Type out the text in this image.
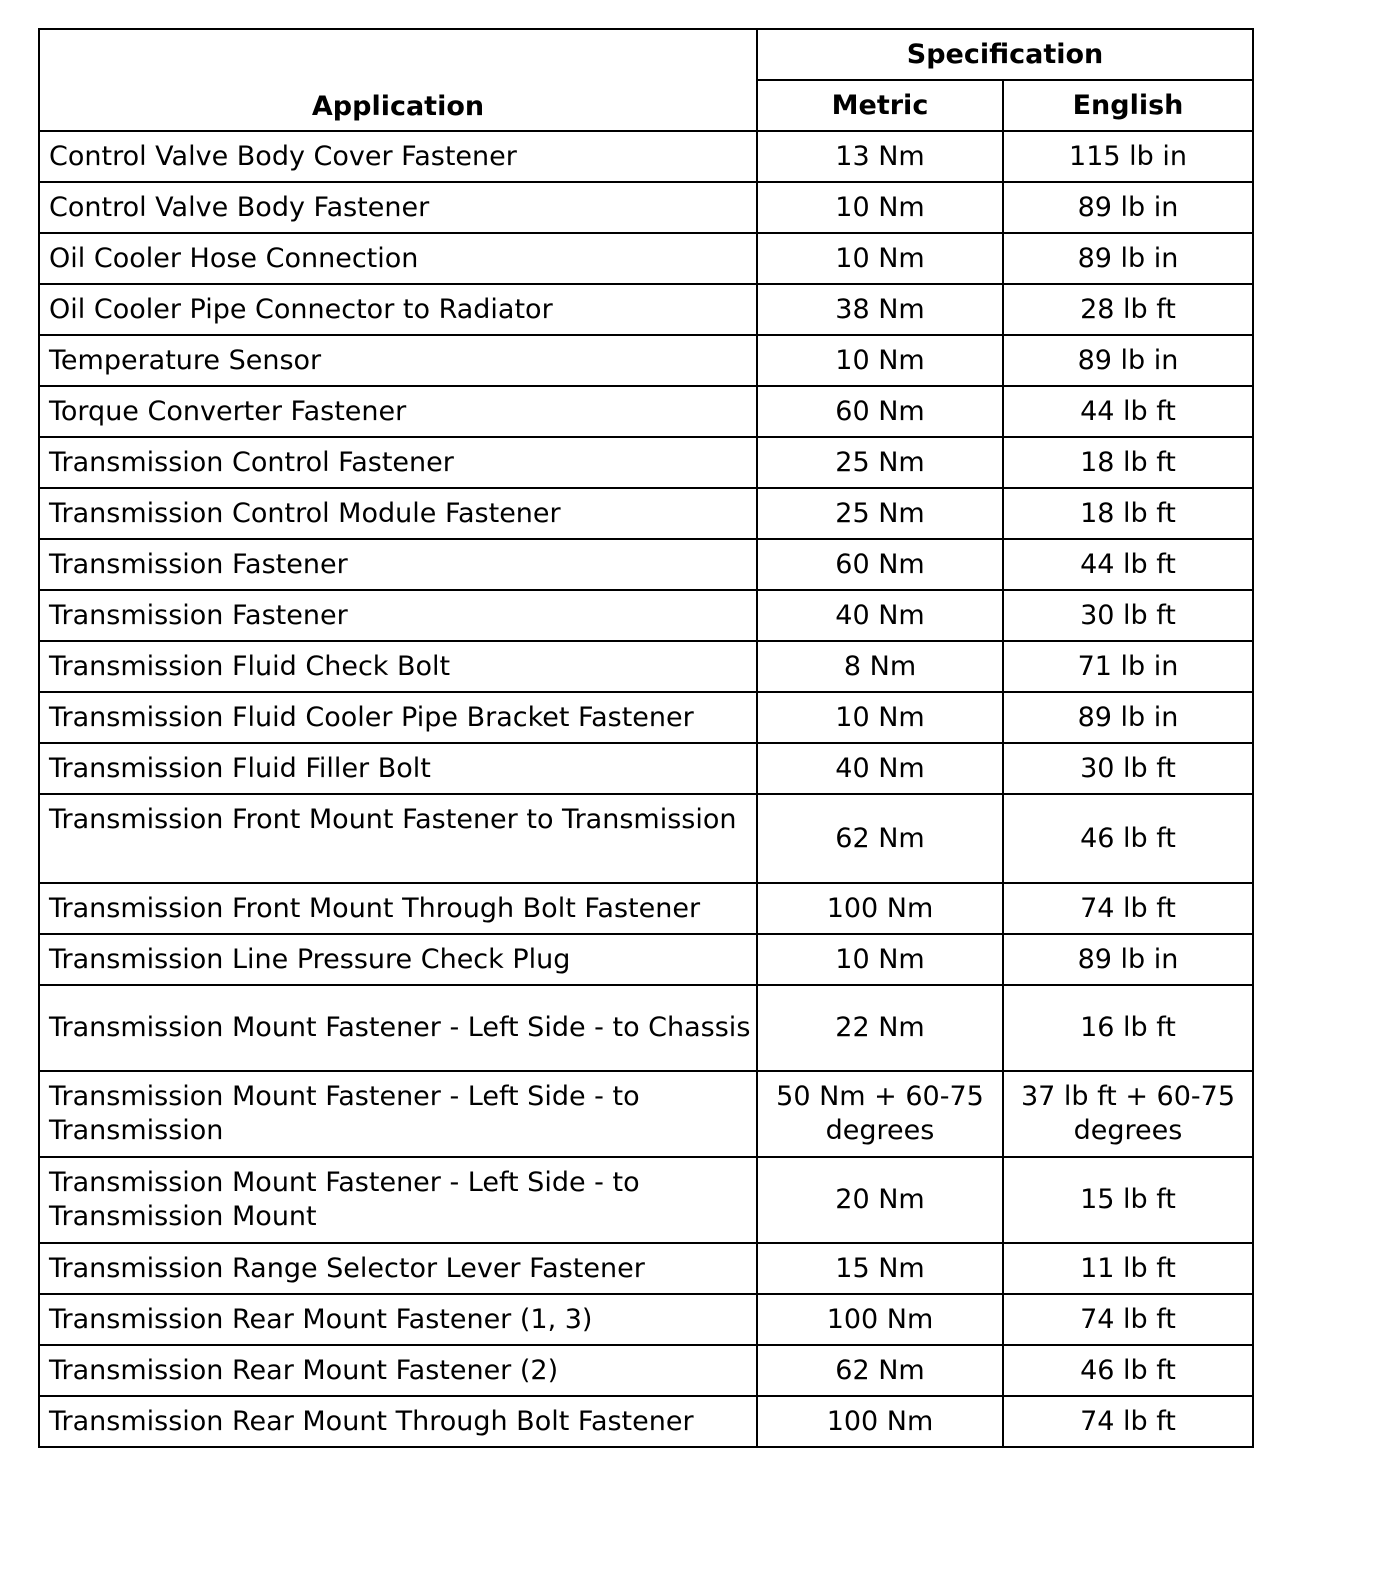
Application	Specification	
	Metric	English
Control Valve Body Cover Fastener	13 Nm	115 lb in
Control Valve Body Fastener	10 Nm	89 lb in
Oil Cooler Hose Connection	10 Nm	89 lb in
Oil Cooler Pipe Connector to Radiator	38 Nm	28 lb ft
Temperature Sensor	10 Nm	89 lb in
Torque Converter Fastener	60 Nm	44 lb ft
Transmission Control Fastener	25 Nm	18 lb ft
Transmission Control Module Fastener	25 Nm	18 lb ft
Transmission Fastener	60 Nm	44 lb ft
Transmission Fastener	40 Nm	30 lb ft
Transmission Fluid Check Bolt	8 Nm	71 lb in
Transmission Fluid Cooler Pipe Bracket Fastener	10 Nm	89 lb in
Transmission Fluid Filler Bolt	40 Nm	30 lb ft
Transmission Front Mount Fastener to Transmission	62 Nm	46 lb ft
Transmission Front Mount Through Bolt Fastener	100 Nm	74 lb ft
Transmission Line Pressure Check Plug	10 Nm	89 lb in
Transmission Mount Fastener - Left Side - to Chassis	22 Nm	16 lb ft
Transmission Mount Fastener - Left Side - to Transmission	50 Nm + 60-75 degrees	37 lb ft + 60-75 degrees
Transmission Mount Fastener - Left Side - to Transmission Mount	20 Nm	15 lb ft
Transmission Range Selector Lever Fastener	15 Nm	11 lb ft
Transmission Rear Mount Fastener (1, 3)	100 Nm	74 lb ft
Transmission Rear Mount Fastener (2)	62 Nm	46 lb ft
Transmission Rear Mount Through Bolt Fastener	100 Nm	74 lb ft
